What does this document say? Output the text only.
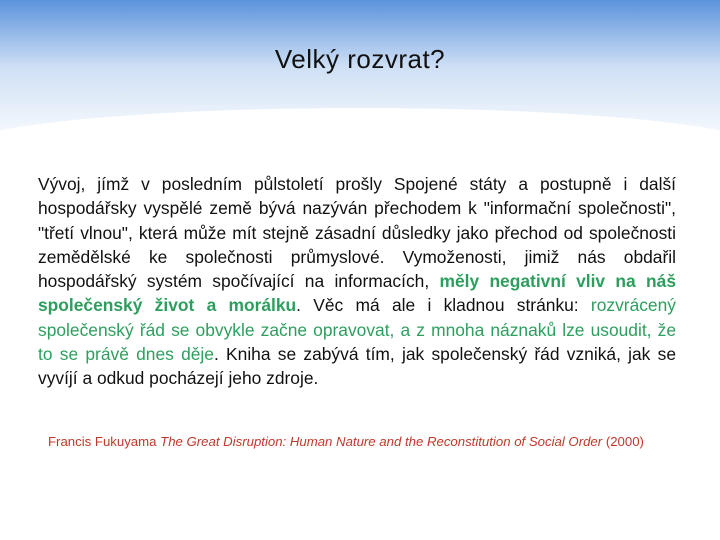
Velký rozvrat?
Vývoj, jímž v posledním půlstoletí prošly Spojené státy a postupně i další hospodářsky vyspělé země bývá nazýván přechodem k "informační společnosti", "třetí vlnou", která může mít stejně zásadní důsledky jako přechod od společnosti zemědělské ke společnosti průmyslové. Vymoženosti, jimiž nás obdařil hospodářský systém spočívající na informacích, měly negativní vliv na náš společenský život a morálku. Věc má ale i kladnou stránku: rozvrácený společenský řád se obvykle začne opravovat, a z mnoha náznaků lze usoudit, že to se právě dnes děje. Kniha se zabývá tím, jak společenský řád vzniká, jak se vyvíjí a odkud pocházejí jeho zdroje.
Francis Fukuyama The Great Disruption: Human Nature and the Reconstitution of Social Order (2000)
